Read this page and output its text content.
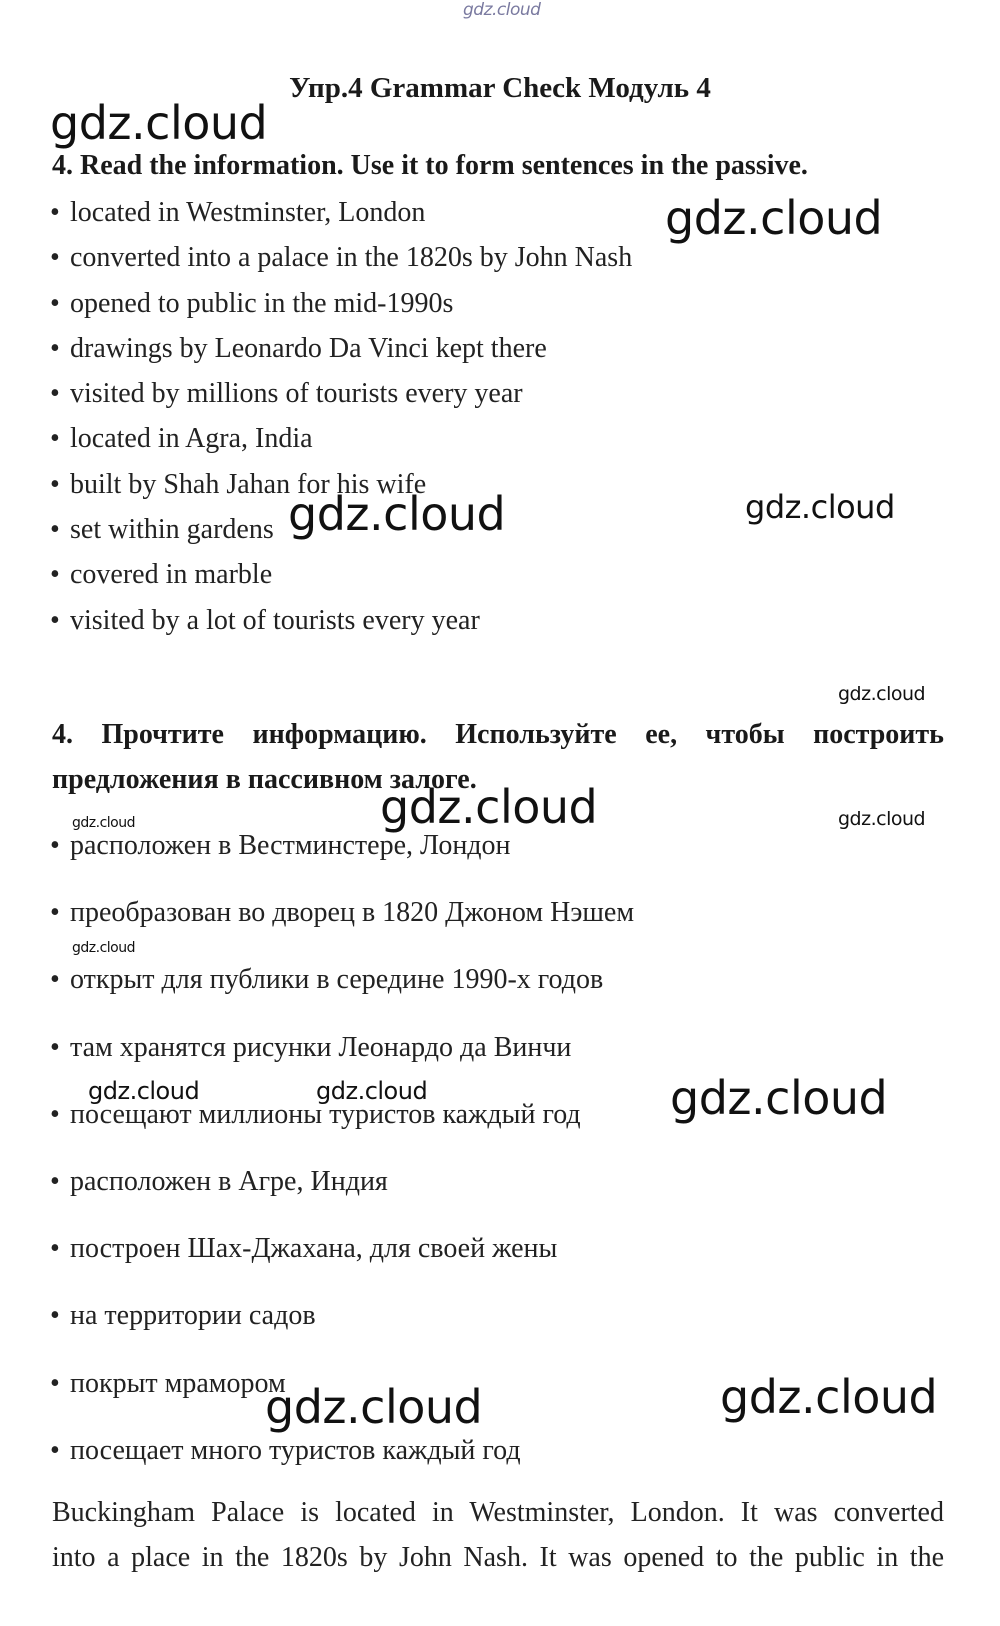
gdz.cloud
Упр.4 Grammar Check Модуль 4
4. Read the information. Use it to form sentences in the passive.
• located in Westminster, London
• converted into a palace in the 1820s by John Nash
• opened to public in the mid-1990s
• drawings by Leonardo Da Vinci kept there
• visited by millions of tourists every year
• located in Agra, India
• built by Shah Jahan for his wife
• set within gardens
• covered in marble
• visited by a lot of tourists every year
4. Прочтите информацию. Используйте ее, чтобы построить
предложения в пассивном залоге.
• расположен в Вестминстере, Лондон
• преобразован во дворец в 1820 Джоном Нэшем
• открыт для публики в середине 1990-х годов
• там хранятся рисунки Леонардо да Винчи
• посещают миллионы туристов каждый год
• расположен в Агре, Индия
• построен Шах-Джахана, для своей жены
• на территории садов
• покрыт мрамором
• посещает много туристов каждый год
Buckingham Palace is located in Westminster, London. It was converted
into a place in the 1820s by John Nash. It was opened to the public in the
gdz.cloud
gdz.cloud
gdz.cloud	gdz.cloud
gdz.cloud
gdz.cloud	gdz.cloud
gdz.cloud
gdz.cloud
gdz.cloud	gdz.cloud	gdz.cloud
gdz.cloud
gdz.cloud
